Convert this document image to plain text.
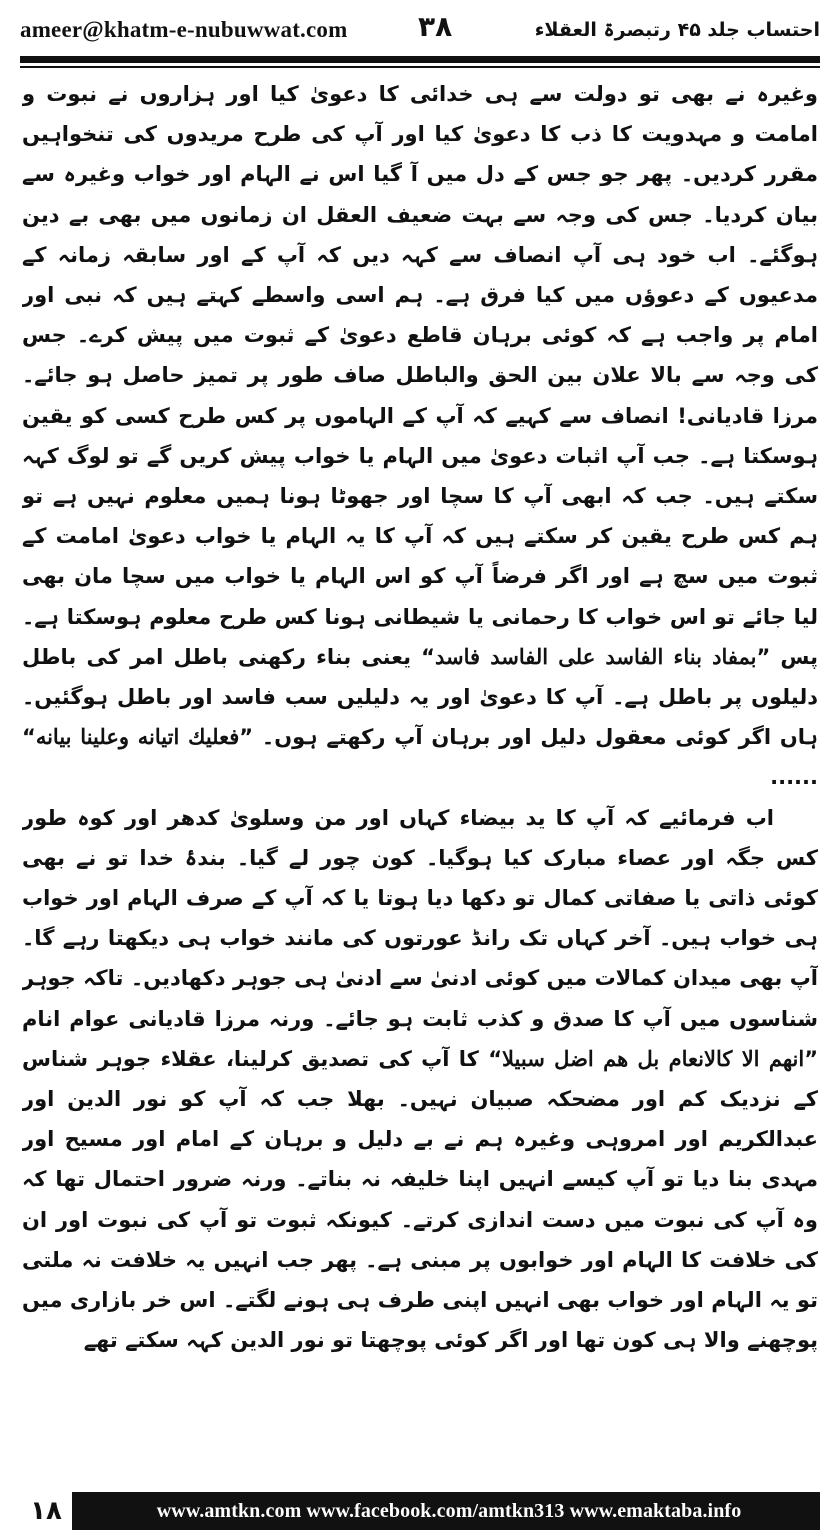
ameer@khatm-e-nubuwwat.com	۳۸	احتساب جلد ۴۵ رتبصرۃ العقلاء

وغیرہ نے بھی تو دولت سے ہی خدائی کا دعویٰ کیا اور ہزاروں نے نبوت و امامت و مہدویت کا ذب کا دعویٰ کیا اور آپ کی طرح مریدوں کی تنخواہیں مقرر کردیں۔ پھر جو جس کے دل میں آ گیا اس نے الہام اور خواب وغیرہ سے بیان کردیا۔ جس کی وجہ سے بہت ضعیف العقل ان زمانوں میں بھی بے دین ہوگئے۔ اب خود ہی آپ انصاف سے کہہ دیں کہ آپ کے اور سابقہ زمانہ کے مدعیوں کے دعوؤں میں کیا فرق ہے۔ ہم اسی واسطے کہتے ہیں کہ نبی اور امام پر واجب ہے کہ کوئی برہان قاطع دعویٰ کے ثبوت میں پیش کرے۔ جس کی وجہ سے بالا علان بین الحق والباطل صاف طور پر تمیز حاصل ہو جائے۔ مرزا قادیانی! انصاف سے کہیے کہ آپ کے الہاموں پر کس طرح کسی کو یقین ہوسکتا ہے۔ جب آپ اثبات دعویٰ میں الہام یا خواب پیش کریں گے تو لوگ کہہ سکتے ہیں۔ جب کہ ابھی آپ کا سچا اور جھوٹا ہونا ہمیں معلوم نہیں ہے تو ہم کس طرح یقین کر سکتے ہیں کہ آپ کا یہ الہام یا خواب دعویٰ امامت کے ثبوت میں سچ ہے اور اگر فرضاً آپ کو اس الہام یا خواب میں سچا مان بھی لیا جائے تو اس خواب کا رحمانی یا شیطانی ہونا کس طرح معلوم ہوسکتا ہے۔ پس ”بمفاد بناء الفاسد علی الفاسد فاسد“ یعنی بناء رکھنی باطل امر کی باطل دلیلوں پر باطل ہے۔ آپ کا دعویٰ اور یہ دلیلیں سب فاسد اور باطل ہوگئیں۔ ہاں اگر کوئی معقول دلیل اور برہان آپ رکھتے ہوں۔ ”فعلیك اتیانه وعلینا بیانه“ ......

اب فرمائیے کہ آپ کا ید بیضاء کہاں اور من وسلویٰ کدھر اور کوہ طور کس جگہ اور عصاء مبارک کیا ہوگیا۔ کون چور لے گیا۔ بندۂ خدا تو نے بھی کوئی ذاتی یا صفاتی کمال تو دکھا دیا ہوتا یا کہ آپ کے صرف الہام اور خواب ہی خواب ہیں۔ آخر کہاں تک رانڈ عورتوں کی مانند خواب ہی دیکھتا رہے گا۔ آپ بھی میدان کمالات میں کوئی ادنیٰ سے ادنیٰ ہی جوہر دکھادیں۔ تاکہ جوہر شناسوں میں آپ کا صدق و کذب ثابت ہو جائے۔ ورنہ مرزا قادیانی عوام انام ”انهم الا کالانعام بل هم اضل سبیلا“ کا آپ کی تصدیق کرلینا، عقلاء جوہر شناس کے نزدیک کم اور مضحکہ صبیان نہیں۔ بھلا جب کہ آپ کو نور الدین اور عبدالکریم اور امروہی وغیرہ ہم نے بے دلیل و برہان کے امام اور مسیح اور مہدی بنا دیا تو آپ کیسے انہیں اپنا خلیفہ نہ بناتے۔ ورنہ ضرور احتمال تھا کہ وہ آپ کی نبوت میں دست اندازی کرتے۔ کیونکہ ثبوت تو آپ کی نبوت اور ان کی خلافت کا الہام اور خوابوں پر مبنی ہے۔ پھر جب انہیں یہ خلافت نہ ملتی تو یہ الہام اور خواب بھی انہیں اپنی طرف ہی ہونے لگتے۔ اس خر بازاری میں پوچھنے والا ہی کون تھا اور اگر کوئی پوچھتا تو نور الدین کہہ سکتے تھے

۱۸	www.amtkn.com www.facebook.com/amtkn313 www.emaktaba.info
